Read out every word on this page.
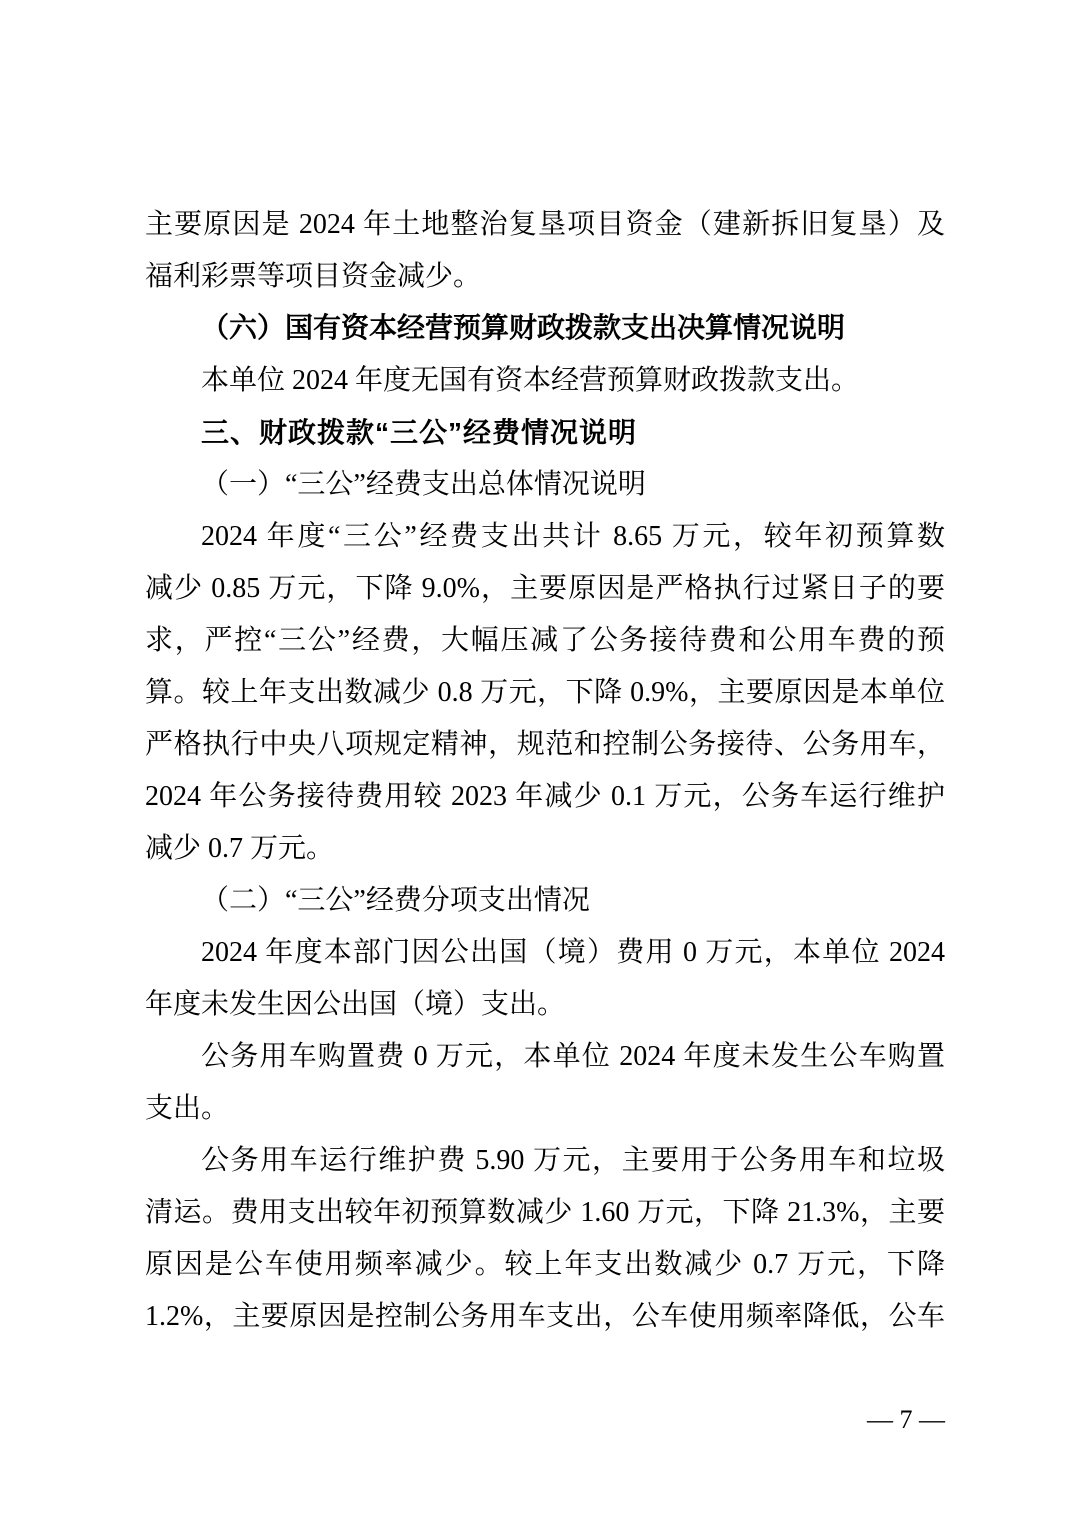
主要原因是 2024 年土地整治复垦项目资金（建新拆旧复垦）及
福利彩票等项目资金减少。
（六）国有资本经营预算财政拨款支出决算情况说明
本单位 2024 年度无国有资本经营预算财政拨款支出。
三、财政拨款“三公”经费情况说明
（一）“三公”经费支出总体情况说明
2024 年度“三公”经费支出共计 8.65 万元，较年初预算数
减少 0.85 万元，下降 9.0%，主要原因是严格执行过紧日子的要
求，严控“三公”经费，大幅压减了公务接待费和公用车费的预
算。较上年支出数减少 0.8 万元，下降 0.9%，主要原因是本单位
严格执行中央八项规定精神，规范和控制公务接待、公务用车，
2024 年公务接待费用较 2023 年减少 0.1 万元，公务车运行维护
减少 0.7 万元。
（二）“三公”经费分项支出情况
2024 年度本部门因公出国（境）费用 0 万元，本单位 2024
年度未发生因公出国（境）支出。
公务用车购置费 0 万元，本单位 2024 年度未发生公车购置
支出。
公务用车运行维护费 5.90 万元，主要用于公务用车和垃圾
清运。费用支出较年初预算数减少 1.60 万元，下降 21.3%，主要
原因是公车使用频率减少。较上年支出数减少 0.7 万元，下降
1.2%，主要原因是控制公务用车支出，公车使用频率降低，公车
— 7 —
